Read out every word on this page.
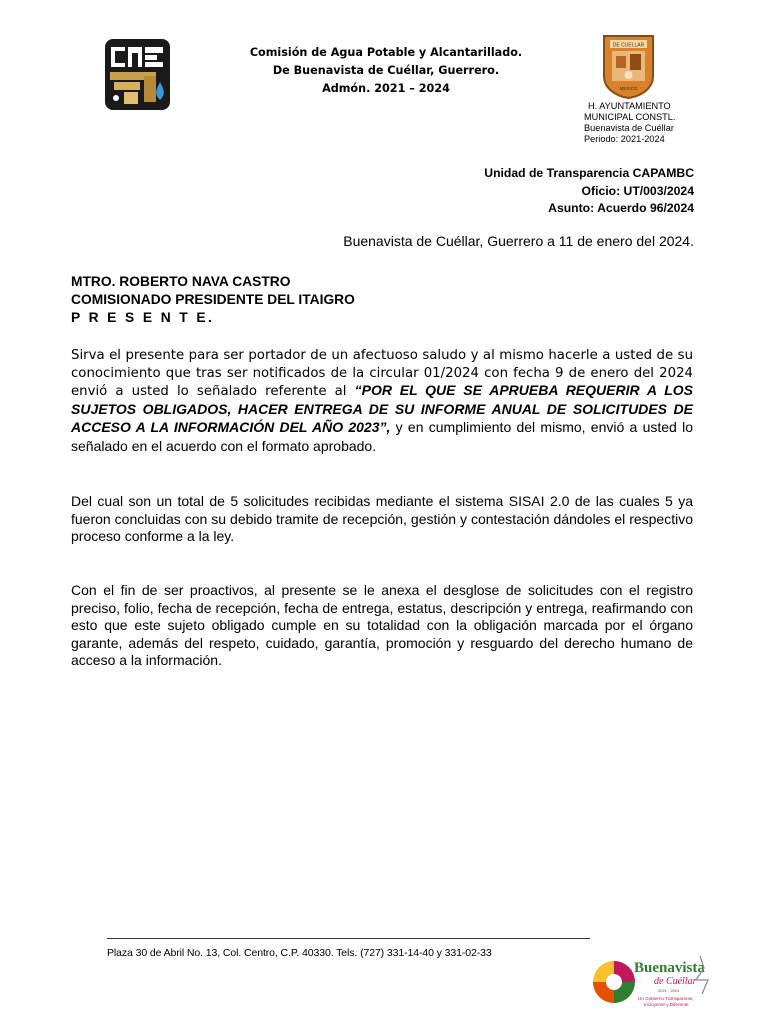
Comisión de Agua Potable y Alcantarillado.
De Buenavista de Cuéllar, Guerrero.
Admón. 2021 – 2024
DE CUELLAR
MEXICO
H. AYUNTAMIENTO
MUNICIPAL CONSTL.
Buenavista de Cuéllar
Periodo: 2021-2024
Unidad de Transparencia CAPAMBC
Oficio: UT/003/2024
Asunto: Acuerdo 96/2024
Buenavista de Cuéllar, Guerrero a 11 de enero del 2024.
MTRO. ROBERTO NAVA CASTRO
COMISIONADO PRESIDENTE DEL ITAIGRO
P R E S E N T E.
Sirva el presente para ser portador de un afectuoso saludo y al mismo hacerle a usted de su conocimiento que tras ser notificados de la circular 01/2024 con fecha 9 de enero del 2024 envió a usted lo señalado referente al “POR EL QUE SE APRUEBA REQUERIR A LOS SUJETOS OBLIGADOS, HACER ENTREGA DE SU INFORME ANUAL DE SOLICITUDES DE ACCESO A LA INFORMACIÓN DEL AÑO 2023”, y en cumplimiento del mismo, envió a usted lo señalado en el acuerdo con el formato aprobado.
Del cual son un total de 5 solicitudes recibidas mediante el sistema SISAI 2.0 de las cuales 5 ya fueron concluidas con su debido tramite de recepción, gestión y contestación dándoles el respectivo proceso conforme a la ley.
Con el fin de ser proactivos, al presente se le anexa el desglose de solicitudes con el registro preciso, folio, fecha de recepción, fecha de entrega, estatus, descripción y entrega, reafirmando con esto que este sujeto obligado cumple en su totalidad con la obligación marcada por el órgano garante, además del respeto, cuidado, garantía, promoción y resguardo del derecho humano de acceso a la información.
Plaza 30 de Abril No. 13, Col. Centro, C.P. 40330. Tels. (727) 331-14-40 y 331-02-33
Buenavista
de Cuéllar
2021 · 2024
Un Gobierno Transparente,
Incluyente y Diferente.
